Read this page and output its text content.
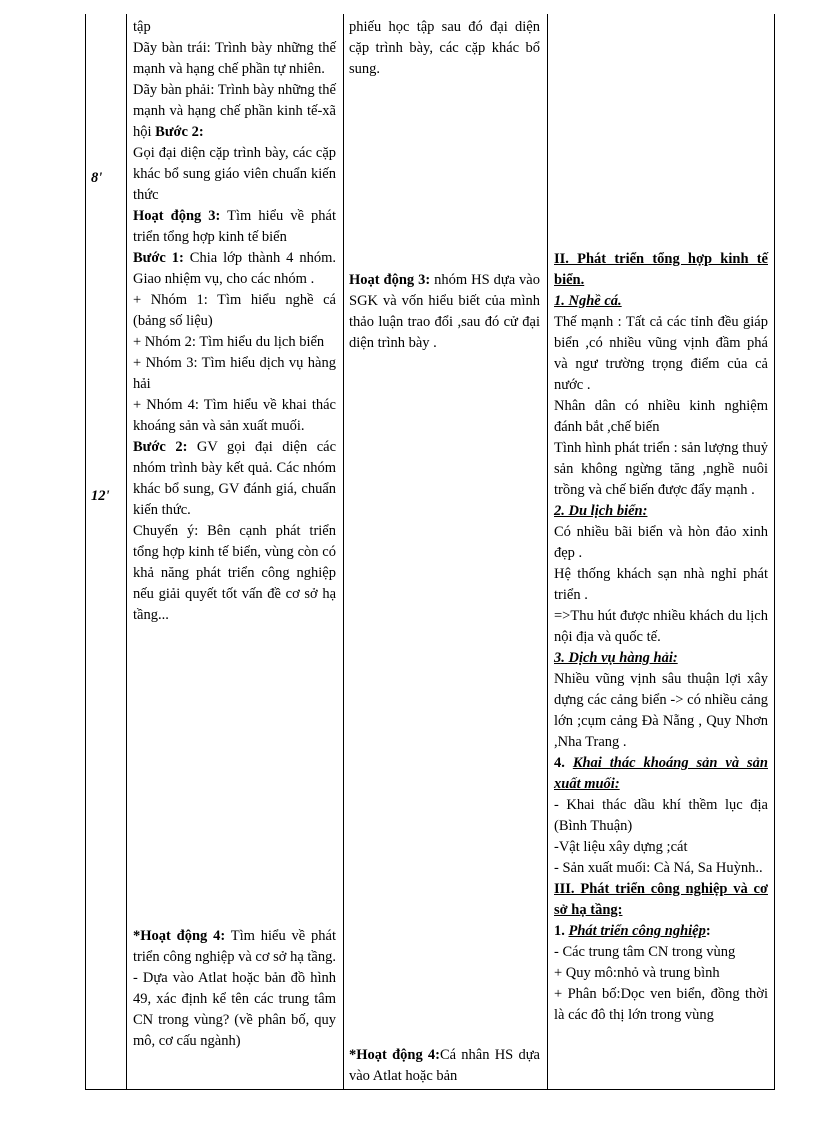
8'
12'

tập

Dãy bàn trái: Trình bày những thế mạnh và hạng chế phần tự nhiên.

Dãy bàn phải: Trình bày những thế mạnh và hạng chế phần kinh tế-xã hội Bước 2:

Gọi đại diện cặp trình bày, các cặp khác bổ sung giáo viên chuẩn kiến thức

Hoạt động 3: Tìm hiểu về phát triển tổng hợp kinh tế biển

Bước 1: Chia lớp thành 4 nhóm. Giao nhiệm vụ, cho các nhóm .

+ Nhóm 1: Tìm hiểu nghề cá (bảng số liệu)

+ Nhóm 2: Tìm hiểu du lịch biển

+ Nhóm 3: Tìm hiểu dịch vụ hàng hải

+ Nhóm 4: Tìm hiểu về khai thác khoáng sản và sản xuất muối.

Bước 2: GV gọi đại diện các nhóm trình bày kết quả. Các nhóm khác bổ sung, GV đánh giá, chuẩn kiến thức.

Chuyển ý: Bên cạnh phát triển tổng hợp kinh tế biển, vùng còn có khả năng phát triển công nghiệp nếu giải quyết tốt vấn đề cơ sở hạ tầng...

*Hoạt động 4: Tìm hiểu về phát triển công nghiệp và cơ sở hạ tầng.

- Dựa vào Atlat hoặc bản đồ hình 49, xác định kể tên các trung tâm CN trong vùng? (về phân bố, quy mô, cơ cấu ngành)

phiếu học tập sau đó đại diện cặp trình bày, các cặp khác bổ sung.

Hoạt động 3: nhóm HS dựa vào SGK và vốn hiểu biết của mình thảo luận trao đổi ,sau đó cử đại diện trình bày .

*Hoạt động 4:Cá nhân HS dựa vào Atlat hoặc bản

II. Phát triển tổng hợp kinh tế biển.

1. Nghề cá.

Thế mạnh : Tất cả các tỉnh đều giáp biển ,có nhiều vũng vịnh đầm phá và ngư trường trọng điểm của cả nước .

Nhân dân có nhiều kinh nghiệm đánh bắt ,chế biến

Tình hình phát triển : sản lượng thuỷ sản không ngừng tăng ,nghề nuôi trồng và chế biến được đẩy mạnh .

2. Du lịch biển:

Có nhiều bãi biển và hòn đảo xinh đẹp .

Hệ thống khách sạn nhà nghỉ phát triển .

=>Thu hút được nhiều khách du lịch nội địa và quốc tế.

3. Dịch vụ hàng hải:

Nhiều vũng vịnh sâu thuận lợi xây dựng các cảng biển -> có nhiều cảng lớn ;cụm cảng Đà Nẵng , Quy Nhơn ,Nha Trang .

4. Khai thác khoáng sản và sản xuất muối:

- Khai thác dầu khí thềm lục địa (Bình Thuận)

-Vật liệu xây dựng ;cát

- Sản xuất muối: Cà Ná, Sa Huỳnh..

III. Phát triển công nghiệp và cơ sở hạ tầng:

1. Phát triển công nghiệp:

- Các trung tâm CN trong vùng

+ Quy mô:nhỏ và trung bình

+ Phân bố:Dọc ven biển, đồng thời là các đô thị lớn trong vùng
